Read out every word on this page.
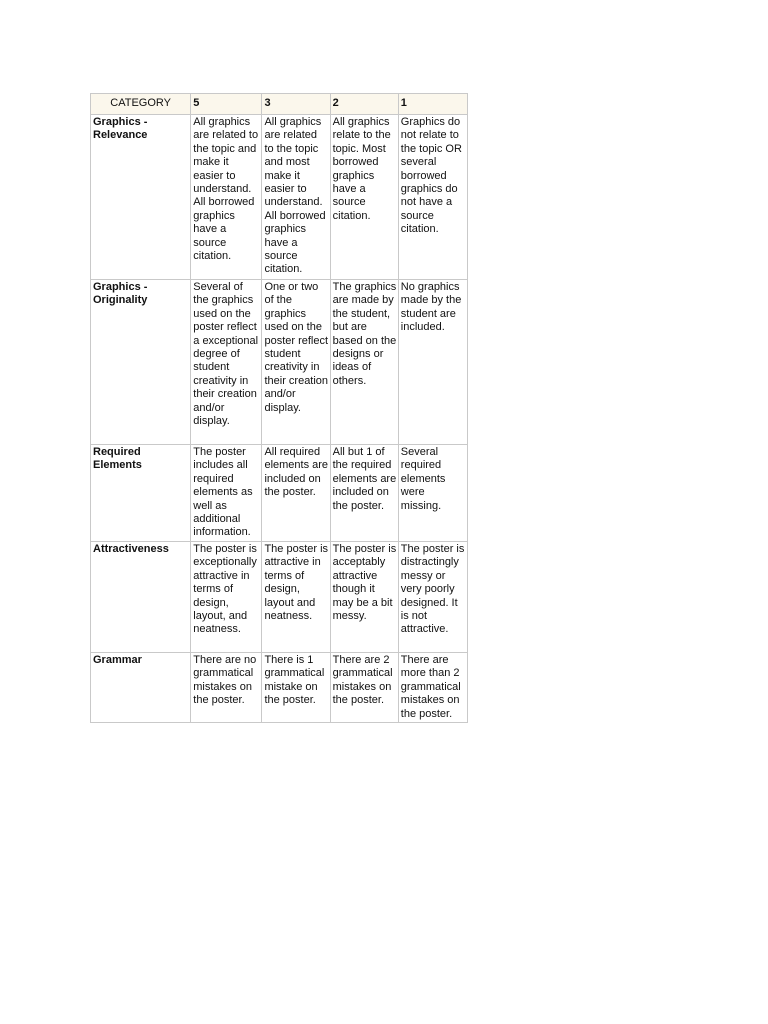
CATEGORY	5	3	2	1
Graphics - Relevance	All graphics are related to the topic and make it easier to understand. All borrowed graphics have a source citation.	All graphics are related to the topic and most make it easier to understand. All borrowed graphics have a source citation.	All graphics relate to the topic. Most borrowed graphics have a source citation.	Graphics do not relate to the topic OR several borrowed graphics do not have a source citation.
Graphics - Originality	Several of the graphics used on the poster reflect a exceptional degree of student creativity in their creation and/or display.	One or two of the graphics used on the poster reflect student creativity in their creation and/or display.	The graphics are made by the student, but are based on the designs or ideas of others.	No graphics made by the student are included.
Required Elements	The poster includes all required elements as well as additional information.	All required elements are included on the poster.	All but 1 of the required elements are included on the poster.	Several required elements were missing.
Attractiveness	The poster is exceptionally attractive in terms of design, layout, and neatness.	The poster is attractive in terms of design, layout and neatness.	The poster is acceptably attractive though it may be a bit messy.	The poster is distractingly messy or very poorly designed. It is not attractive.
Grammar	There are no grammatical mistakes on the poster.	There is 1 grammatical mistake on the poster.	There are 2 grammatical mistakes on the poster.	There are more than 2 grammatical mistakes on the poster.
